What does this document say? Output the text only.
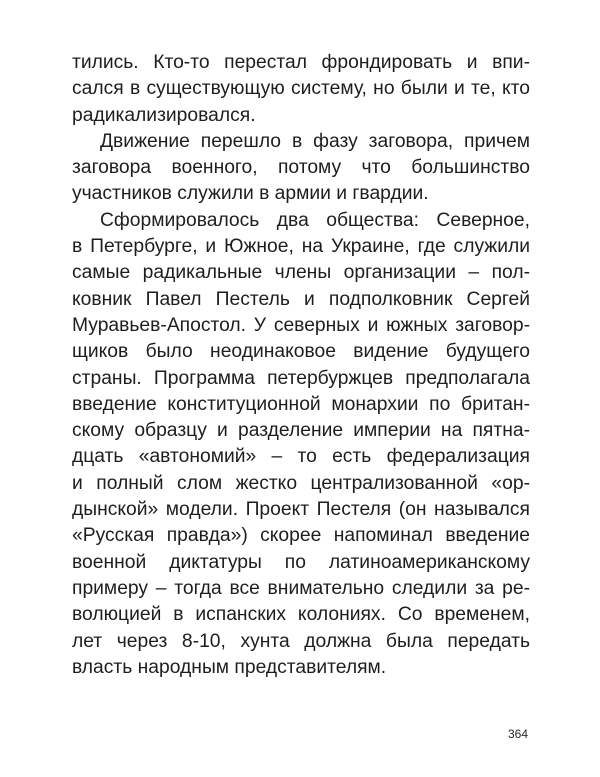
тились. Кто-то перестал фрондировать и впи-
сался в существующую систему, но были и те, кто
радикализировался.
Движение перешло в фазу заговора, причем
заговора военного, потому что большинство
участников служили в армии и гвардии.
Сформировалось два общества: Северное,
в Петербурге, и Южное, на Украине, где служили
самые радикальные члены организации – пол-
ковник Павел Пестель и подполковник Сергей
Муравьев-Апостол. У северных и южных заговор-
щиков было неодинаковое видение будущего
страны. Программа петербуржцев предполагала
введение конституционной монархии по британ-
скому образцу и разделение империи на пятна-
дцать «автономий» – то есть федерализация
и полный слом жестко централизованной «ор-
дынской» модели. Проект Пестеля (он назывался
«Русская правда») скорее напоминал введение
военной диктатуры по латиноамериканскому
примеру – тогда все внимательно следили за ре-
волюцией в испанских колониях. Со временем,
лет через 8-10, хунта должна была передать
власть народным представителям.
364
